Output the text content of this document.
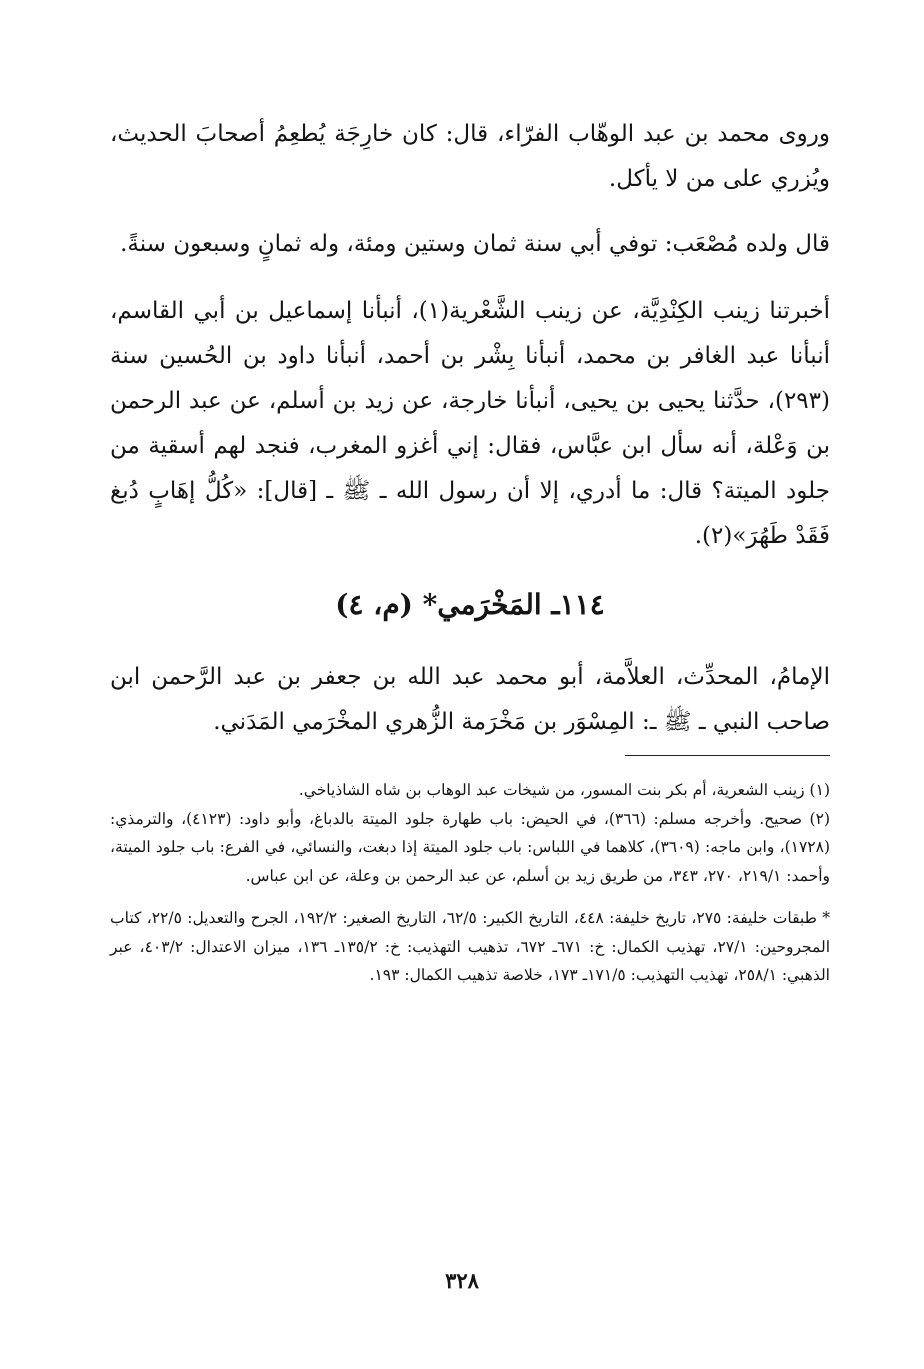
وروى محمد بن عبد الوهّاب الفرّاء، قال: كان خارِجَة يُطعِمُ أصحابَ الحديث، ويُزري على من لا يأكل.

قال ولده مُصْعَب: توفي أبي سنة ثمان وستين ومئة، وله ثمانٍ وسبعون سنةً.

أخبرتنا زينب الكِنْدِيَّة، عن زينب الشَّعْرية(١)، أنبأنا إسماعيل بن أبي القاسم، أنبأنا عبد الغافر بن محمد، أنبأنا بِشْر بن أحمد، أنبأنا داود بن الحُسين سنة (٢٩٣)، حدَّثنا يحيى بن يحيى، أنبأنا خارجة، عن زيد بن أسلم، عن عبد الرحمن بن وَعْلة، أنه سأل ابن عبَّاس، فقال: إني أغزو المغرب، فنجد لهم أسقية من جلود الميتة؟ قال: ما أدري، إلا أن رسول الله ـ ﷺ ـ [قال]: «كُلُّ إهَابٍ دُبغ فَقَدْ طَهُرَ»(٢).

١١٤ـ المَخْرَمي* (م، ٤)

الإمامُ، المحدِّث، العلاَّمة، أبو محمد عبد الله بن جعفر بن عبد الرَّحمن ابن صاحب النبي ـ ﷺ ـ: المِسْوَر بن مَخْرَمة الزُّهري المخْرَمي المَدَني.

(١) زينب الشعرية، أم بكر بنت المسور، من شيخات عبد الوهاب بن شاه الشاذياخي.

(٢) صحيح. وأخرجه مسلم: (٣٦٦)، في الحيض: باب طهارة جلود الميتة بالدباغ، وأبو داود: (٤١٢٣)، والترمذي: (١٧٢٨)، وابن ماجه: (٣٦٠٩)، كلاهما في اللباس: باب جلود الميتة إذا دبغت، والنسائي، في الفرع: باب جلود الميتة، وأحمد: ٢١٩/١، ٢٧٠، ٣٤٣، من طريق زيد بن أسلم، عن عبد الرحمن بن وعلة، عن ابن عباس.

* طبقات خليفة: ٢٧٥، تاريخ خليفة: ٤٤٨، التاريخ الكبير: ٦٢/٥، التاريخ الصغير: ١٩٢/٢، الجرح والتعديل: ٢٢/٥، كتاب المجروحين: ٢٧/١، تهذيب الكمال: خ: ٦٧١ـ ٦٧٢، تذهيب التهذيب: خ: ١٣٥/٢ـ ١٣٦، ميزان الاعتدال: ٤٠٣/٢، عبر الذهبي: ٢٥٨/١، تهذيب التهذيب: ١٧١/٥ـ ١٧٣، خلاصة تذهيب الكمال: ١٩٣.

٣٢٨
